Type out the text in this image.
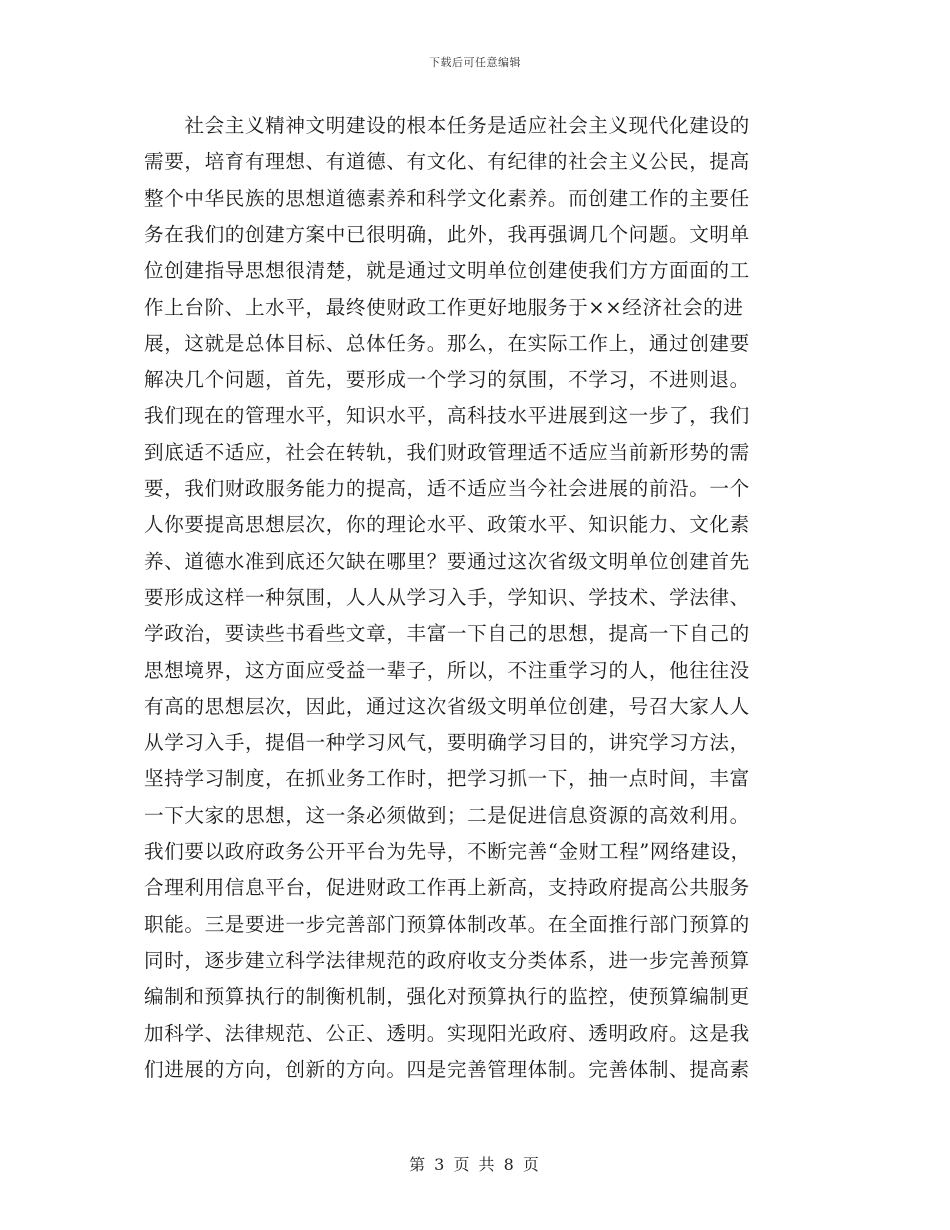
下载后可任意编辑
　　社会主义精神文明建设的根本任务是适应社会主义现代化建设的
需要，培育有理想、有道德、有文化、有纪律的社会主义公民，提高
整个中华民族的思想道德素养和科学文化素养。而创建工作的主要任
务在我们的创建方案中已很明确，此外，我再强调几个问题。文明单
位创建指导思想很清楚，就是通过文明单位创建使我们方方面面的工
作上台阶、上水平，最终使财政工作更好地服务于××经济社会的进
展，这就是总体目标、总体任务。那么，在实际工作上，通过创建要
解决几个问题，首先，要形成一个学习的氛围，不学习，不进则退。
我们现在的管理水平，知识水平，高科技水平进展到这一步了，我们
到底适不适应，社会在转轨，我们财政管理适不适应当前新形势的需
要，我们财政服务能力的提高，适不适应当今社会进展的前沿。一个
人你要提高思想层次，你的理论水平、政策水平、知识能力、文化素
养、道德水准到底还欠缺在哪里？要通过这次省级文明单位创建首先
要形成这样一种氛围，人人从学习入手，学知识、学技术、学法律、
学政治，要读些书看些文章，丰富一下自己的思想，提高一下自己的
思想境界，这方面应受益一辈子，所以，不注重学习的人，他往往没
有高的思想层次，因此，通过这次省级文明单位创建，号召大家人人
从学习入手，提倡一种学习风气，要明确学习目的，讲究学习方法，
坚持学习制度，在抓业务工作时，把学习抓一下，抽一点时间，丰富
一下大家的思想，这一条必须做到；二是促进信息资源的高效利用。
我们要以政府政务公开平台为先导，不断完善“金财工程”网络建设，
合理利用信息平台，促进财政工作再上新高，支持政府提高公共服务
职能。三是要进一步完善部门预算体制改革。在全面推行部门预算的
同时，逐步建立科学法律规范的政府收支分类体系，进一步完善预算
编制和预算执行的制衡机制，强化对预算执行的监控，使预算编制更
加科学、法律规范、公正、透明。实现阳光政府、透明政府。这是我
们进展的方向，创新的方向。四是完善管理体制。完善体制、提高素
第 3 页 共 8 页
